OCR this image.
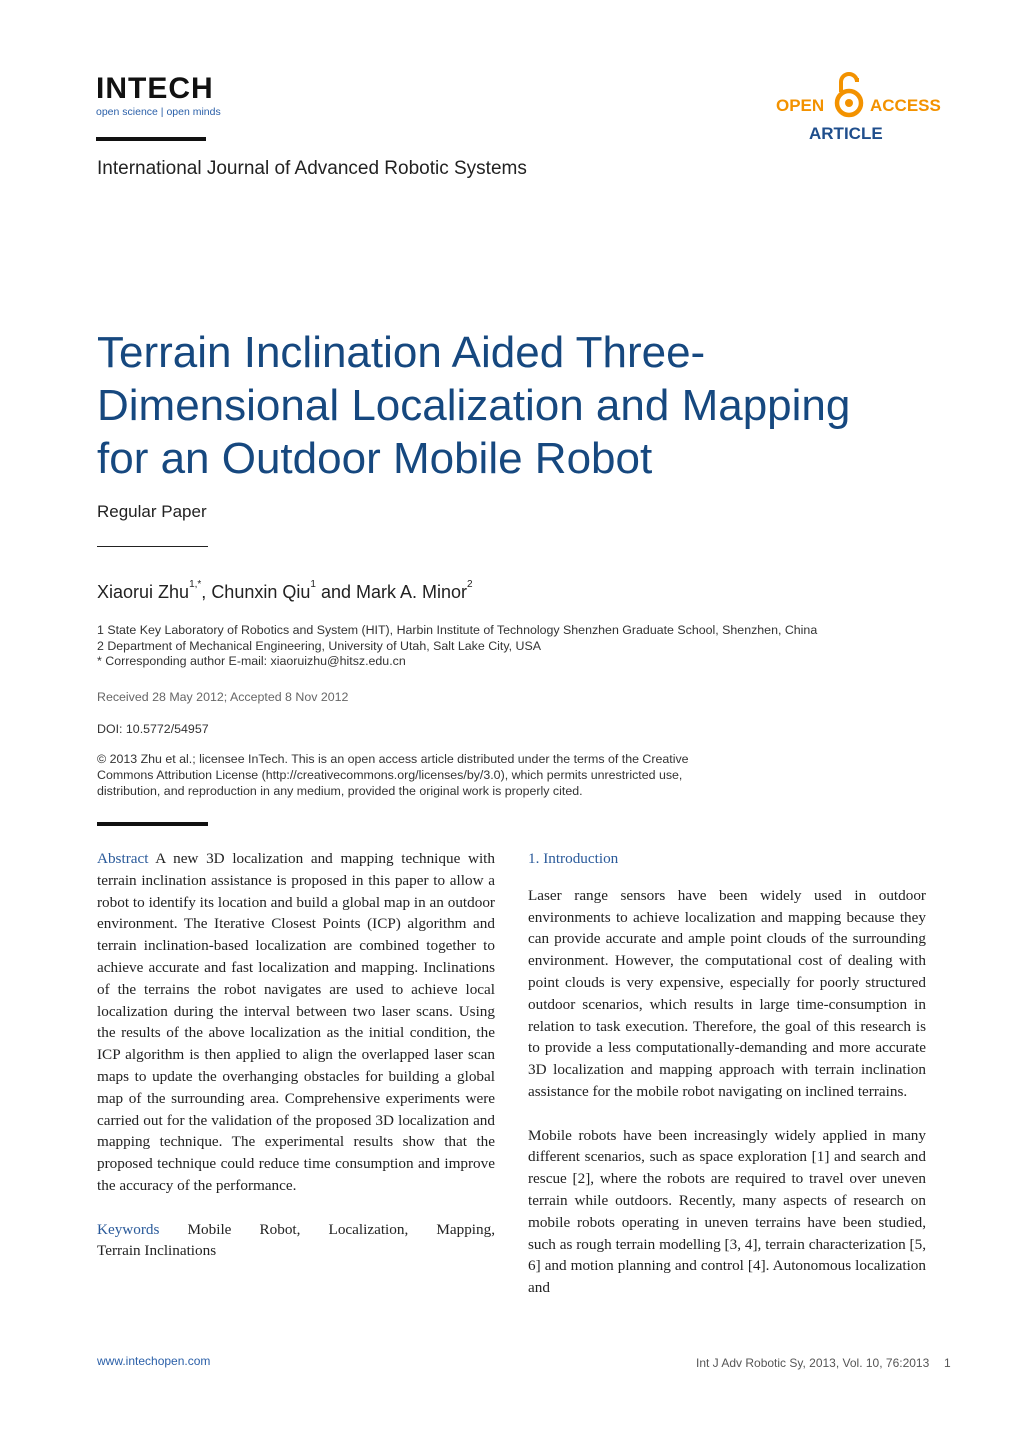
INTECH
open science | open minds	OPEN	ACCESS
ARTICLE
International Journal of Advanced Robotic Systems
Terrain Inclination Aided Three-
Dimensional Localization and Mapping
for an Outdoor Mobile Robot
Regular Paper
Xiaorui Zhu$^{1,*}$, Chunxin Qiu$^1$ and Mark A. Minor$^2$
1 State Key Laboratory of Robotics and System (HIT), Harbin Institute of Technology Shenzhen Graduate School, Shenzhen, China
2 Department of Mechanical Engineering, University of Utah, Salt Lake City, USA
* Corresponding author E-mail: xiaoruizhu@hitsz.edu.cn
Received 28 May 2012; Accepted 8 Nov 2012
DOI: 10.5772/54957
© 2013 Zhu et al.; licensee InTech. This is an open access article distributed under the terms of the Creative
Commons Attribution License (http://creativecommons.org/licenses/by/3.0), which permits unrestricted use,
distribution, and reproduction in any medium, provided the original work is properly cited.

Abstract A new 3D localization and mapping technique with terrain inclination assistance is proposed in this paper to allow a robot to identify its location and build a global map in an outdoor environment. The Iterative Closest Points (ICP) algorithm and terrain inclination-based localization are combined together to achieve accurate and fast localization and mapping. Inclinations of the terrains the robot navigates are used to achieve local localization during the interval between two laser scans. Using the results of the above localization as the initial condition, the ICP algorithm is then applied to align the overlapped laser scan maps to update the overhanging obstacles for building a global map of the surrounding area. Comprehensive experiments were carried out for the validation of the proposed 3D localization and mapping technique. The experimental results show that the proposed technique could reduce time consumption and improve the accuracy of the performance.

Keywords Mobile Robot, Localization, Mapping,

Terrain Inclinations

1. Introduction

Laser range sensors have been widely used in outdoor environments to achieve localization and mapping because they can provide accurate and ample point clouds of the surrounding environment. However, the computational cost of dealing with point clouds is very expensive, especially for poorly structured outdoor scenarios, which results in large time-consumption in relation to task execution. Therefore, the goal of this research is to provide a less computationally-demanding and more accurate 3D localization and mapping approach with terrain inclination assistance for the mobile robot navigating on inclined terrains.

Mobile robots have been increasingly widely applied in many different scenarios, such as space exploration [1] and search and rescue [2], where the robots are required to travel over uneven terrain while outdoors. Recently, many aspects of research on mobile robots operating in uneven terrains have been studied, such as rough terrain modelling [3, 4], terrain characterization [5, 6] and motion planning and control [4]. Autonomous localization and

www.intechopen.com	Int J Adv Robotic Sy, 2013, Vol. 10, 76:2013 1
